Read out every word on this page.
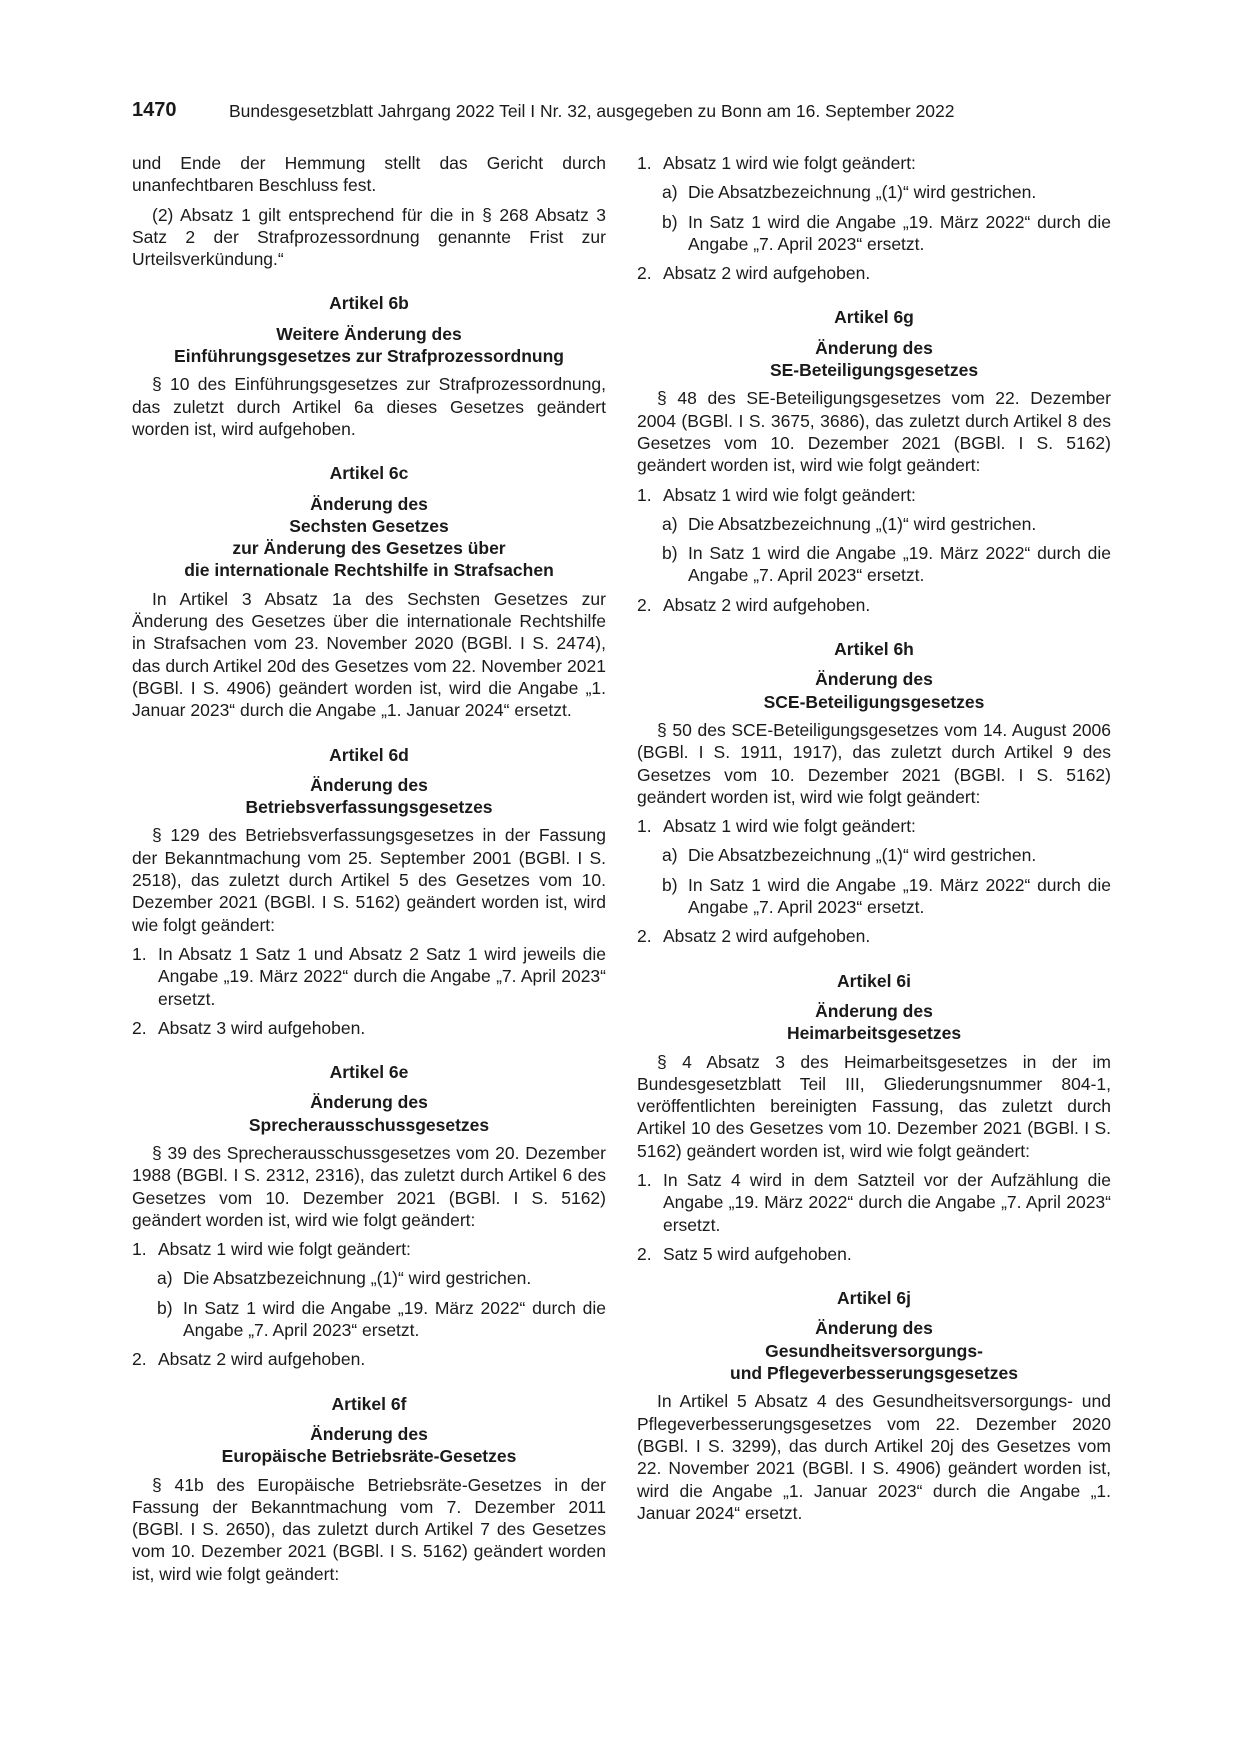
1470	Bundesgesetzblatt Jahrgang 2022 Teil I Nr. 32, ausgegeben zu Bonn am 16. September 2022

und Ende der Hemmung stellt das Gericht durch unanfechtbaren Beschluss fest.

(2) Absatz 1 gilt entsprechend für die in § 268 Absatz 3 Satz 2 der Strafprozessordnung genannte Frist zur Urteilsverkündung.“

Artikel 6b
Weitere Änderung des
Einführungsgesetzes zur Strafprozessordnung

§ 10 des Einführungsgesetzes zur Strafprozessordnung, das zuletzt durch Artikel 6a dieses Gesetzes geändert worden ist, wird aufgehoben.

Artikel 6c
Änderung des
Sechsten Gesetzes
zur Änderung des Gesetzes über
die internationale Rechtshilfe in Strafsachen

In Artikel 3 Absatz 1a des Sechsten Gesetzes zur Änderung des Gesetzes über die internationale Rechtshilfe in Strafsachen vom 23. November 2020 (BGBl. I S. 2474), das durch Artikel 20d des Gesetzes vom 22. November 2021 (BGBl. I S. 4906) geändert worden ist, wird die Angabe „1. Januar 2023“ durch die Angabe „1. Januar 2024“ ersetzt.

Artikel 6d
Änderung des
Betriebsverfassungsgesetzes

§ 129 des Betriebsverfassungsgesetzes in der Fassung der Bekanntmachung vom 25. September 2001 (BGBl. I S. 2518), das zuletzt durch Artikel 5 des Gesetzes vom 10. Dezember 2021 (BGBl. I S. 5162) geändert worden ist, wird wie folgt geändert:

1. In Absatz 1 Satz 1 und Absatz 2 Satz 1 wird jeweils die Angabe „19. März 2022“ durch die Angabe „7. April 2023“ ersetzt.
2. Absatz 3 wird aufgehoben.
Artikel 6e
Änderung des
Sprecherausschussgesetzes

§ 39 des Sprecherausschussgesetzes vom 20. Dezember 1988 (BGBl. I S. 2312, 2316), das zuletzt durch Artikel 6 des Gesetzes vom 10. Dezember 2021 (BGBl. I S. 5162) geändert worden ist, wird wie folgt geändert:

1. Absatz 1 wird wie folgt geändert:
a) Die Absatzbezeichnung „(1)“ wird gestrichen.
b) In Satz 1 wird die Angabe „19. März 2022“ durch die Angabe „7. April 2023“ ersetzt.
2. Absatz 2 wird aufgehoben.
Artikel 6f
Änderung des
Europäische Betriebsräte-Gesetzes

§ 41b des Europäische Betriebsräte-Gesetzes in der Fassung der Bekanntmachung vom 7. Dezember 2011 (BGBl. I S. 2650), das zuletzt durch Artikel 7 des Gesetzes vom 10. Dezember 2021 (BGBl. I S. 5162) geändert worden ist, wird wie folgt geändert:

1. Absatz 1 wird wie folgt geändert:
a) Die Absatzbezeichnung „(1)“ wird gestrichen.
b) In Satz 1 wird die Angabe „19. März 2022“ durch die Angabe „7. April 2023“ ersetzt.
2. Absatz 2 wird aufgehoben.
Artikel 6g
Änderung des
SE-Beteiligungsgesetzes

§ 48 des SE-Beteiligungsgesetzes vom 22. Dezember 2004 (BGBl. I S. 3675, 3686), das zuletzt durch Artikel 8 des Gesetzes vom 10. Dezember 2021 (BGBl. I S. 5162) geändert worden ist, wird wie folgt geändert:

1. Absatz 1 wird wie folgt geändert:
a) Die Absatzbezeichnung „(1)“ wird gestrichen.
b) In Satz 1 wird die Angabe „19. März 2022“ durch die Angabe „7. April 2023“ ersetzt.
2. Absatz 2 wird aufgehoben.
Artikel 6h
Änderung des
SCE-Beteiligungsgesetzes

§ 50 des SCE-Beteiligungsgesetzes vom 14. August 2006 (BGBl. I S. 1911, 1917), das zuletzt durch Artikel 9 des Gesetzes vom 10. Dezember 2021 (BGBl. I S. 5162) geändert worden ist, wird wie folgt geändert:

1. Absatz 1 wird wie folgt geändert:
a) Die Absatzbezeichnung „(1)“ wird gestrichen.
b) In Satz 1 wird die Angabe „19. März 2022“ durch die Angabe „7. April 2023“ ersetzt.
2. Absatz 2 wird aufgehoben.
Artikel 6i
Änderung des
Heimarbeitsgesetzes

§ 4 Absatz 3 des Heimarbeitsgesetzes in der im Bundesgesetzblatt Teil III, Gliederungsnummer 804-1, veröffentlichten bereinigten Fassung, das zuletzt durch Artikel 10 des Gesetzes vom 10. Dezember 2021 (BGBl. I S. 5162) geändert worden ist, wird wie folgt geändert:

1. In Satz 4 wird in dem Satzteil vor der Aufzählung die Angabe „19. März 2022“ durch die Angabe „7. April 2023“ ersetzt.
2. Satz 5 wird aufgehoben.
Artikel 6j
Änderung des
Gesundheitsversorgungs-
und Pflegeverbesserungsgesetzes

In Artikel 5 Absatz 4 des Gesundheitsversorgungs- und Pflegeverbesserungsgesetzes vom 22. Dezember 2020 (BGBl. I S. 3299), das durch Artikel 20j des Gesetzes vom 22. November 2021 (BGBl. I S. 4906) geändert worden ist, wird die Angabe „1. Januar 2023“ durch die Angabe „1. Januar 2024“ ersetzt.
